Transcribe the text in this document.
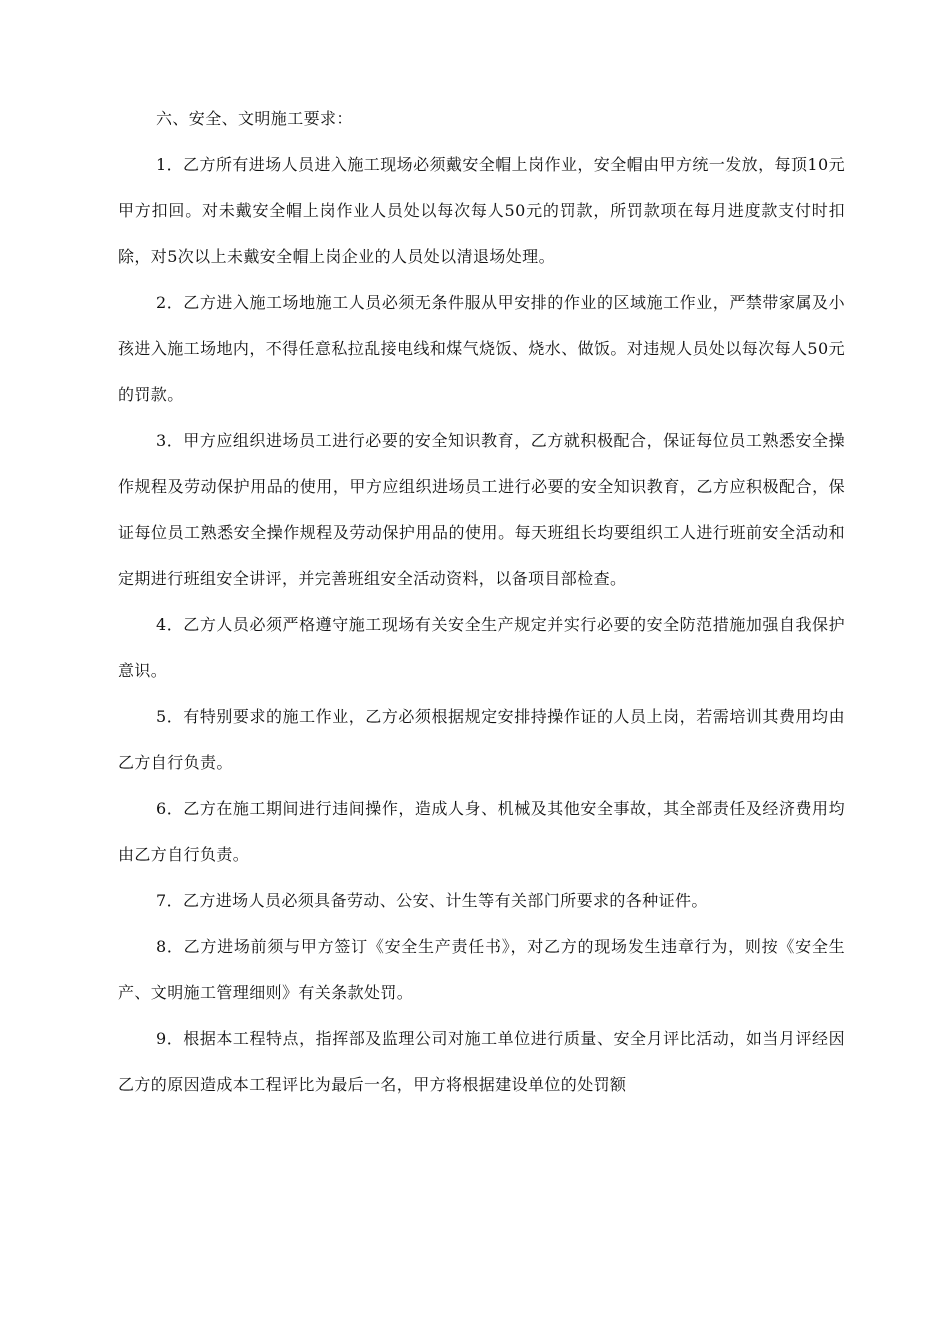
六、安全、文明施工要求：

1．乙方所有进场人员进入施工现场必须戴安全帽上岗作业，安全帽由甲方统一发放，每顶10元甲方扣回。对未戴安全帽上岗作业人员处以每次每人50元的罚款，所罚款项在每月进度款支付时扣除，对5次以上未戴安全帽上岗企业的人员处以清退场处理。

2．乙方进入施工场地施工人员必须无条件服从甲安排的作业的区域施工作业，严禁带家属及小孩进入施工场地内，不得任意私拉乱接电线和煤气烧饭、烧水、做饭。对违规人员处以每次每人50元的罚款。

3．甲方应组织进场员工进行必要的安全知识教育，乙方就积极配合，保证每位员工熟悉安全操作规程及劳动保护用品的使用，甲方应组织进场员工进行必要的安全知识教育，乙方应积极配合，保证每位员工熟悉安全操作规程及劳动保护用品的使用。每天班组长均要组织工人进行班前安全活动和定期进行班组安全讲评，并完善班组安全活动资料，以备项目部检查。

4．乙方人员必须严格遵守施工现场有关安全生产规定并实行必要的安全防范措施加强自我保护意识。

5．有特别要求的施工作业，乙方必须根据规定安排持操作证的人员上岗，若需培训其费用均由乙方自行负责。

6．乙方在施工期间进行违间操作，造成人身、机械及其他安全事故，其全部责任及经济费用均由乙方自行负责。

7．乙方进场人员必须具备劳动、公安、计生等有关部门所要求的各种证件。

8．乙方进场前须与甲方签订《安全生产责任书》，对乙方的现场发生违章行为，则按《安全生产、文明施工管理细则》有关条款处罚。

9．根据本工程特点，指挥部及监理公司对施工单位进行质量、安全月评比活动，如当月评经因乙方的原因造成本工程评比为最后一名，甲方将根据建设单位的处罚额
